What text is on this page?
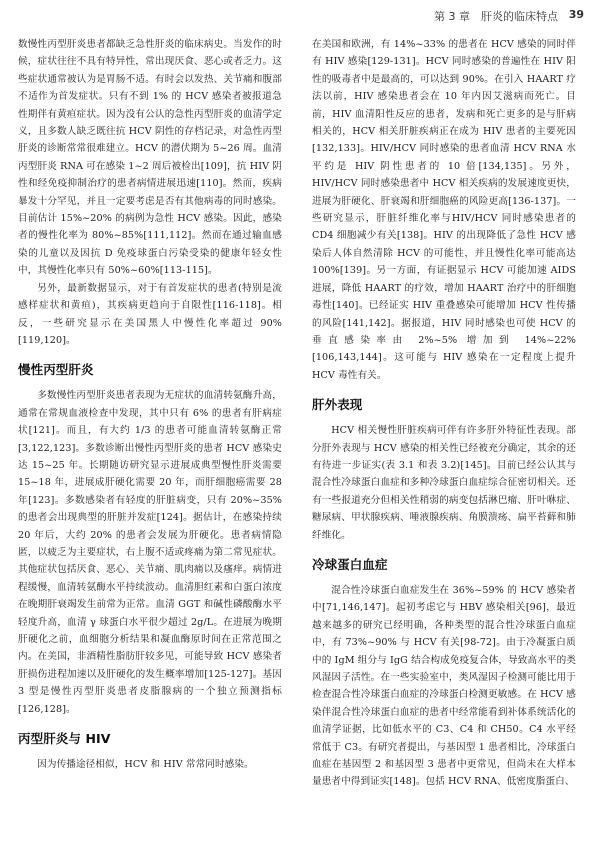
第 3 章　肝炎的临床特点 39

数慢性丙型肝炎患者都缺乏急性肝炎的临床病史。当发作的时候，症状往往不具有特异性，常出现厌食、恶心或者乏力。这些症状通常被认为是胃肠不适。有时会以发热、关节痛和腹部不适作为首发症状。只有不到 1% 的 HCV 感染者被报道急性期伴有黄疸症状。因为没有公认的急性丙型肝炎的血清学定义，且多数人缺乏既往抗 HCV 阴性的存档记录，对急性丙型肝炎的诊断常常很难建立。HCV 的潜伏期为 5~26 周。血清丙型肝炎 RNA 可在感染 1~2 周后被检出[109]，抗 HIV 阴性和经免疫抑制治疗的患者病情进展迅速[110]。然而，疾病暴发十分罕见，并且一定要考虑是否有其他病毒的同时感染。目前估计 15%~20% 的病例为急性 HCV 感染。因此，感染者的慢性化率为 80%~85%[111,112]。然而在通过输血感染的儿童以及因抗 D 免疫球蛋白污染受染的健康年轻女性中，其慢性化率只有 50%~60%[113-115]。

另外，最新数据显示，对于有首发症状的患者(特别是流感样症状和黄疸)，其疾病更趋向于自限性[116-118]。相反，一些研究显示在美国黑人中慢性化率超过 90%[119,120]。

慢性丙型肝炎

多数慢性丙型肝炎患者表现为无症状的血清转氨酶升高，通常在常规血液检查中发现，其中只有 6% 的患者有肝病症状[121]。而且，有大约 1/3 的患者可能血清转氨酶正常[3,122,123]。多数诊断出慢性丙型肝炎的患者 HCV 感染史达 15~25 年。长期随访研究显示进展成典型慢性肝炎需要 15~18 年，进展成肝硬化需要 20 年，而肝细胞癌需要 28 年[123]。多数感染者有轻度的肝脏病变，只有 20%~35% 的患者会出现典型的肝脏并发症[124]。据估计，在感染持续 20 年后，大约 20% 的患者会发展为肝硬化。患者病情隐匿，以疲乏为主要症状，右上腹不适或疼痛为第二常见症状。其他症状包括厌食、恶心、关节痛、肌肉痛以及瘙痒。病情进程缓慢，血清转氨酶水平持续波动。血清胆红素和白蛋白浓度在晚期肝衰竭发生前常为正常。血清 GGT 和碱性磷酸酶水平轻度升高，血清 γ 球蛋白水平很少超过 2g/L。在进展为晚期肝硬化之前，血细胞分析结果和凝血酶原时间在正常范围之内。在美国，非酒精性脂肪肝较多见，可能导致 HCV 感染者肝损伤进程加速以及肝硬化的发生概率增加[125-127]。基因 3 型是慢性丙型肝炎患者皮脂腺病的一个独立预测指标[126,128]。

丙型肝炎与 HIV

因为传播途径相似，HCV 和 HIV 常常同时感染。

在美国和欧洲，有 14%~33% 的患者在 HCV 感染的同时伴有 HIV 感染[129-131]。HCV 同时感染的普遍性在 HIV 阳性的吸毒者中是最高的，可以达到 90%。在引入 HAART 疗法以前，HIV 感染患者会在 10 年内因艾滋病而死亡。目前，HIV 血清阳性反应的患者，发病和死亡更多的是与肝病相关的，HCV 相关肝脏疾病正在成为 HIV 患者的主要死因[132,133]。HIV/HCV 同时感染的患者血清 HCV RNA 水平约是 HIV 阴性患者的 10 倍[134,135]。另外，HIV/HCV 同时感染患者中 HCV 相关疾病的发展速度更快，进展为肝硬化、肝衰竭和肝细胞癌的风险更高[136-137]。一些研究显示，肝脏纤维化率与HIV/HCV 同时感染患者的 CD4 细胞减少有关[138]。HIV 的出现降低了急性 HCV 感染后人体自然清除 HCV 的可能性，并且慢性化率可能高达 100%[139]。另一方面，有证据显示 HCV 可能加速 AIDS 进展，降低 HAART 的疗效，增加 HAART 治疗中的肝细胞毒性[140]。已经证实 HIV 重叠感染可能增加 HCV 性传播的风险[141,142]。据报道，HIV 同时感染也可使 HCV 的垂直感染率由 2%~5% 增加到 14%~22%[106,143,144]。这可能与 HIV 感染在一定程度上提升 HCV 毒性有关。

肝外表现

HCV 相关慢性肝脏疾病可伴有许多肝外特征性表现。部分肝外表现与 HCV 感染的相关性已经被充分确定，其余的还有待进一步证实(表 3.1 和表 3.2)[145]。目前已经公认其与混合性冷球蛋白血症和多种冷球蛋白血症综合征密切相关。还有一些报道充分但相关性稍弱的病变包括淋巴瘤、肝叶咻症、糖尿病、甲状腺疾病、唾液腺疾病、角膜溃疡、扁平苔藓和肺纤维化。

冷球蛋白血症

混合性冷球蛋白血症发生在 36%~59% 的 HCV 感染者中[71,146,147]。起初考虑它与 HBV 感染相关[96]，最近越来越多的研究已经明确，各种类型的混合性冷球蛋白血症中，有 73%~90% 与 HCV 有关[98-72]。由于冷凝蛋白质中的 IgM 组分与 IgG 结合构成免疫复合体，导致高水平的类风湿因子活性。在一些实验室中，类风湿因子检测可能比用于检查混合性冷球蛋白血症的冷球蛋白检测更敏感。在 HCV 感染伴混合性冷球蛋白血症的患者中经常能看到补体系统活化的血清学证据，比如低水平的 C3、C4 和 CH50。C4 水平经常低于 C3。有研究者提出，与基因型 1 患者相比，冷球蛋白血症在基因型 2 和基因型 3 患者中更常见，但尚未在大样本量患者中得到证实[148]。包括 HCV RNA、低密度脂蛋白、
